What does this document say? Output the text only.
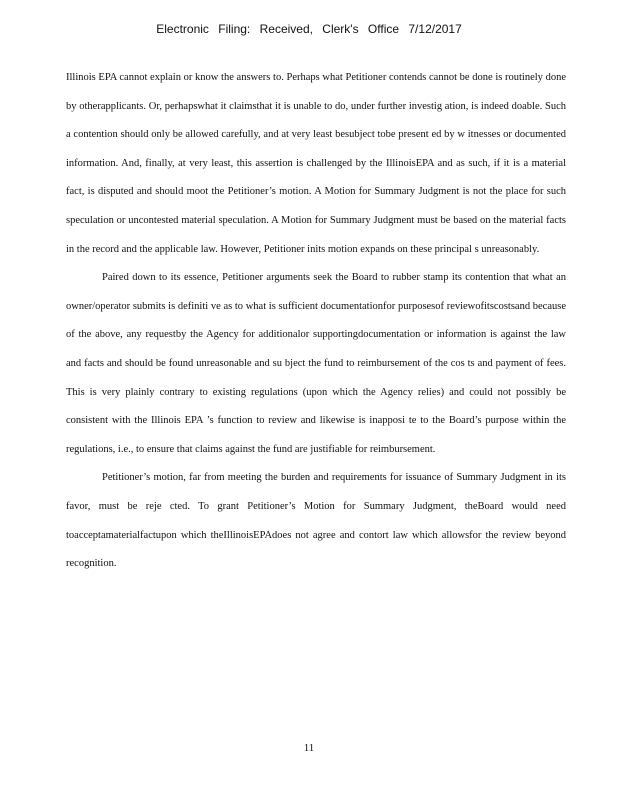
Electronic Filing: Received, Clerk's Office 7/12/2017

Illinois EPA cannot explain or know the answers to. Perhaps what Petitioner contends cannot be done is routinely done by otherapplicants. Or, perhapswhat it claimsthat it is unable to do, under further investig ation, is indeed doable. Such a contention should only be allowed carefully, and at very least besubject tobe present ed by w itnesses or documented information. And, finally, at very least, this assertion is challenged by the IllinoisEPA and as such, if it is a material fact, is disputed and should moot the Petitioner’s motion. A Motion for Summary Judgment is not the place for such speculation or uncontested material speculation. A Motion for Summary Judgment must be based on the material facts in the record and the applicable law. However, Petitioner inits motion expands on these principal s unreasonably.

Paired down to its essence, Petitioner arguments seek the Board to rubber stamp its contention that what an owner/operator submits is definiti ve as to what is sufficient documentationfor purposesof reviewofitscostsand because of the above, any requestby the Agency for additionalor supportingdocumentation or information is against the law and facts and should be found unreasonable and su bject the fund to reimbursement of the cos ts and payment of fees. This is very plainly contrary to existing regulations (upon which the Agency relies) and could not possibly be consistent with the Illinois EPA ’s function to review and likewise is inapposi te to the Board’s purpose within the regulations, i.e., to ensure that claims against the fund are justifiable for reimbursement.

Petitioner’s motion, far from meeting the burden and requirements for issuance of Summary Judgment in its favor, must be reje cted. To grant Petitioner’s Motion for Summary Judgment, theBoard would need toacceptamaterialfactupon which theIllinoisEPAdoes not agree and contort law which allowsfor the review beyond recognition.

11
